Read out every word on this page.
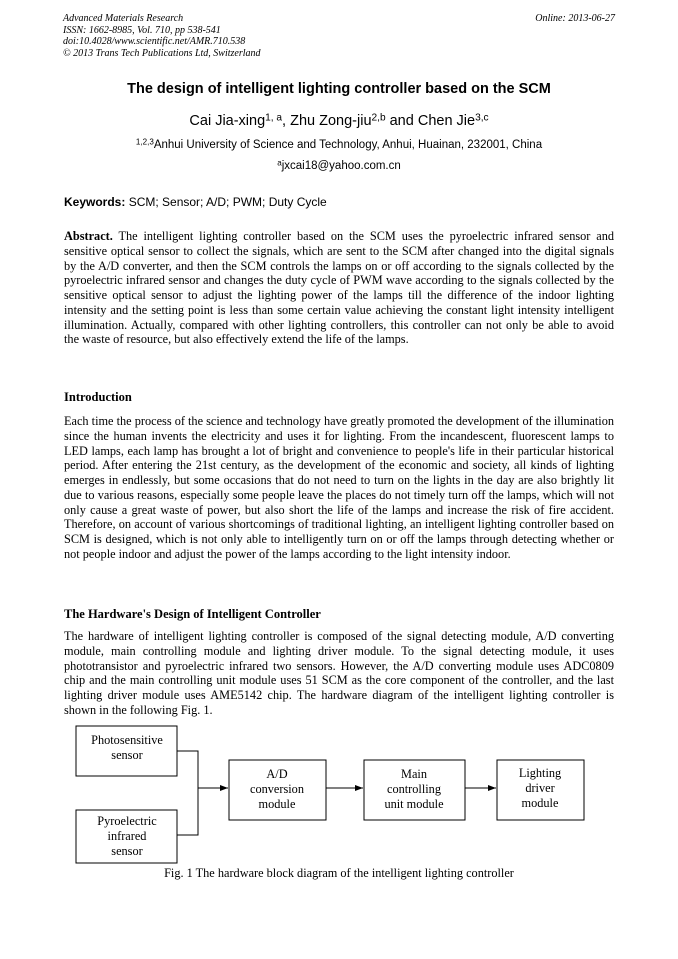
Advanced Materials Research
ISSN: 1662-8985, Vol. 710, pp 538-541
doi:10.4028/www.scientific.net/AMR.710.538
© 2013 Trans Tech Publications Ltd, Switzerland
Online: 2013-06-27
The design of intelligent lighting controller based on the SCM
Cai Jia-xing$^{1, a}$, Zhu Zong-jiu$^{2,b}$ and Chen Jie$^{3,c}$
$^{1,2,3}$Anhui University of Science and Technology, Anhui, Huainan, 232001, China
$^a$jxcai18@yahoo.com.cn
Keywords: SCM; Sensor; A/D; PWM; Duty Cycle

Abstract. The intelligent lighting controller based on the SCM uses the pyroelectric infrared sensor and sensitive optical sensor to collect the signals, which are sent to the SCM after changed into the digital signals by the A/D converter, and then the SCM controls the lamps on or off according to the signals collected by the pyroelectric infrared sensor and changes the duty cycle of PWM wave according to the signals collected by the sensitive optical sensor to adjust the lighting power of the lamps till the difference of the indoor lighting intensity and the setting point is less than some certain value achieving the constant light intensity intelligent illumination. Actually, compared with other lighting controllers, this controller can not only be able to avoid the waste of resource, but also effectively extend the life of the lamps.

Introduction

Each time the process of the science and technology have greatly promoted the development of the illumination since the human invents the electricity and uses it for lighting. From the incandescent, fluorescent lamps to LED lamps, each lamp has brought a lot of bright and convenience to people's life in their particular historical period. After entering the 21st century, as the development of the economic and society, all kinds of lighting emerges in endlessly, but some occasions that do not need to turn on the lights in the day are also brightly lit due to various reasons, especially some people leave the places do not timely turn off the lamps, which will not only cause a great waste of power, but also short the life of the lamps and increase the risk of fire accident. Therefore, on account of various shortcomings of traditional lighting, an intelligent lighting controller based on SCM is designed, which is not only able to intelligently turn on or off the lamps through detecting whether or not people indoor and adjust the power of the lamps according to the light intensity indoor.

The Hardware's Design of Intelligent Controller

The hardware of intelligent lighting controller is composed of the signal detecting module, A/D converting module, main controlling module and lighting driver module. To the signal detecting module, it uses phototransistor and pyroelectric infrared two sensors. However, the A/D converting module uses ADC0809 chip and the main controlling unit module uses 51 SCM as the core component of the controller, and the last lighting driver module uses AME5142 chip. The hardware diagram of the intelligent lighting controller is shown in the following Fig. 1.

Photosensitive
sensor
Pyroelectric
infrared
sensor
A/D
conversion
module
Main
controlling
unit module
Lighting
driver
module
Fig. 1 The hardware block diagram of the intelligent lighting controller
